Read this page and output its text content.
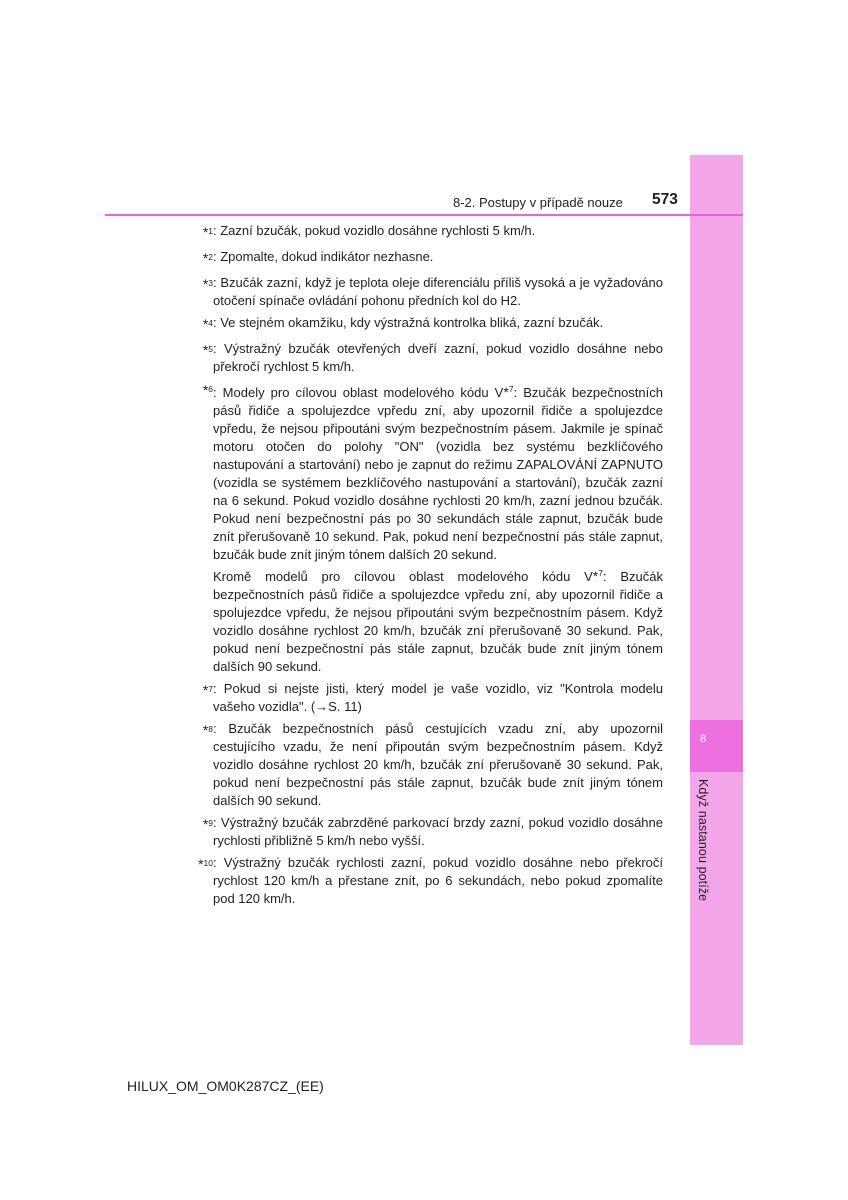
8
Když nastanou potíže
8-2. Postupy v případě nouze 573
*$^1$ : Zazní bzučák, pokud vozidlo dosáhne rychlosti 5 km/h.

*$^2$ : Zpomalte, dokud indikátor nezhasne.

*$^3$ : Bzučák zazní, když je teplota oleje diferenciálu příliš vysoká a je vyžadováno otočení spínače ovládání pohonu předních kol do H2.

*$^4$ : Ve stejném okamžiku, kdy výstražná kontrolka bliká, zazní bzučák.

*$^5$ : Výstražný bzučák otevřených dveří zazní, pokud vozidlo dosáhne nebo překročí rychlost 5 km/h.

*$^6$ : Modely pro cílovou oblast modelového kódu V*$^7$: Bzučák bezpečnostních pásů řidiče a spolujezdce vpředu zní, aby upozornil řidiče a spolujezdce vpředu, že nejsou připoutáni svým bezpečnostním pásem. Jakmile je spínač motoru otočen do polohy "ON" (vozidla bez systému bezklíčového nastupování a startování) nebo je zapnut do režimu ZAPALOVÁNÍ ZAPNUTO (vozidla se systémem bezklíčového nastupování a startování), bzučák zazní na 6 sekund. Pokud vozidlo dosáhne rychlosti 20 km/h, zazní jednou bzučák. Pokud není bezpečnostní pás po 30 sekundách stále zapnut, bzučák bude znít přerušovaně 10 sekund. Pak, pokud není bezpečnostní pás stále zapnut, bzučák bude znít jiným tónem dalších 20 sekund.

Kromě modelů pro cílovou oblast modelového kódu V*$^7$: Bzučák bezpečnostních pásů řidiče a spolujezdce vpředu zní, aby upozornil řidiče a spolujezdce vpředu, že nejsou připoutáni svým bezpečnostním pásem. Když vozidlo dosáhne rychlost 20 km/h, bzučák zní přerušovaně 30 sekund. Pak, pokud není bezpečnostní pás stále zapnut, bzučák bude znít jiným tónem dalších 90 sekund.

*$^7$ : Pokud si nejste jisti, který model je vaše vozidlo, viz "Kontrola modelu vašeho vozidla". (→S. 11)

*$^8$ : Bzučák bezpečnostních pásů cestujících vzadu zní, aby upozornil cestujícího vzadu, že není připoután svým bezpečnostním pásem. Když vozidlo dosáhne rychlost 20 km/h, bzučák zní přerušovaně 30 sekund. Pak, pokud není bezpečnostní pás stále zapnut, bzučák bude znít jiným tónem dalších 90 sekund.

*$^9$ : Výstražný bzučák zabrzděné parkovací brzdy zazní, pokud vozidlo dosáhne rychlosti přibližně 5 km/h nebo vyšší.

*$^{10}$ : Výstražný bzučák rychlosti zazní, pokud vozidlo dosáhne nebo překročí rychlost 120 km/h a přestane znít, po 6 sekundách, nebo pokud zpomalíte pod 120 km/h.

HILUX_OM_OM0K287CZ_(EE)
